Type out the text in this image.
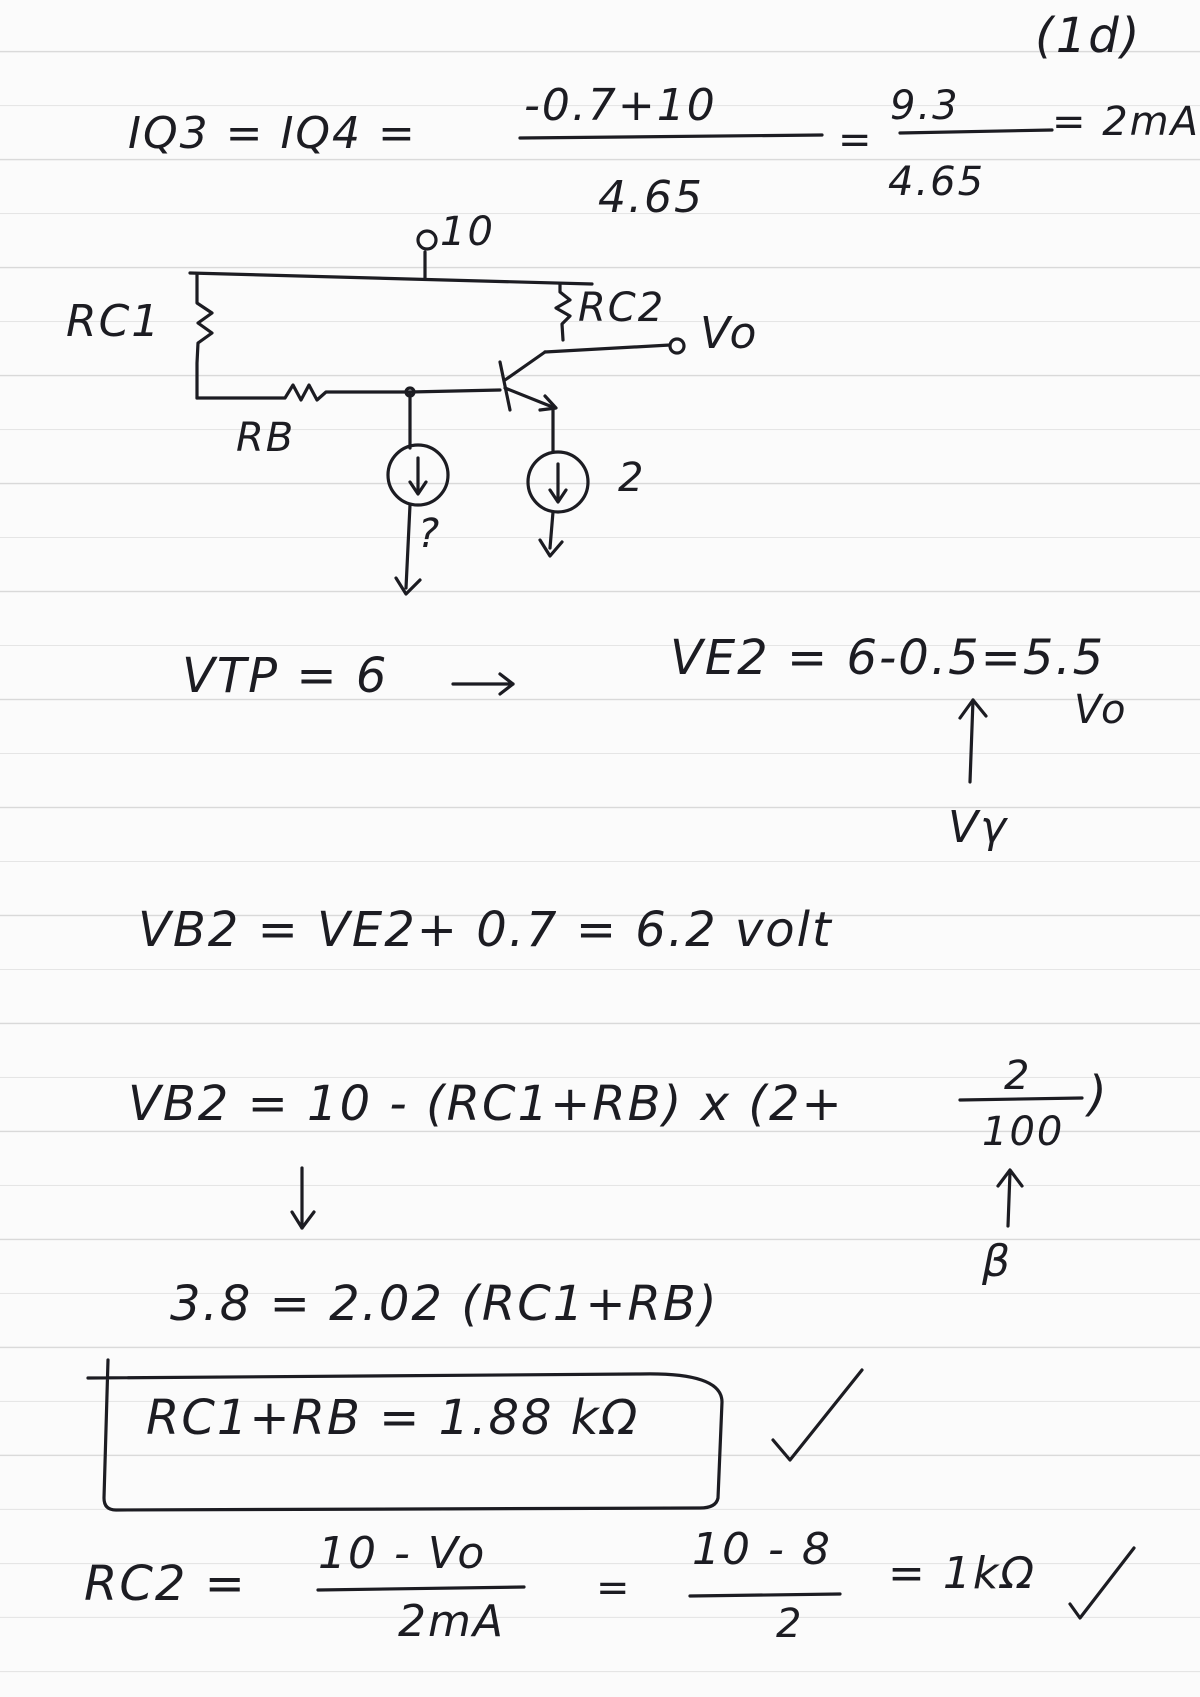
(1d)
IQ3 = IQ4 =
-0.7+10
4.65
=
9.3
4.65
= 2mA
10
RC1
RB
RC2 Vo
?
2
VTP = 6	VE2 = 6-0.5=5.5
Vo
Vγ
VB2 = VE2+ 0.7 = 6.2 volt
VB2 = 10 - (RC1+RB) x (2+	2
100
)
β
3.8 = 2.02 (RC1+RB)
RC1+RB = 1.88 kΩ
RC2 =
10 - Vo
2mA
=
10 - 8
2
= 1kΩ
